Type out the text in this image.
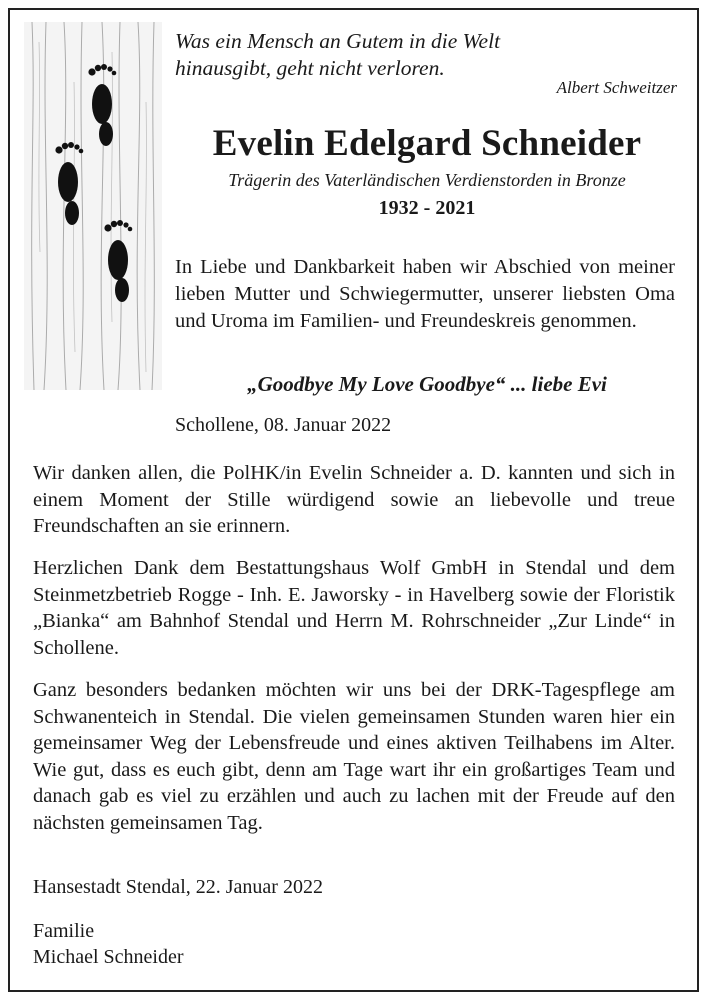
Was ein Mensch an Gutem in die Welt
hinausgibt, geht nicht verloren.
Albert Schweitzer
Evelin Edelgard Schneider
Trägerin des Vaterländischen Verdienstorden in Bronze
1932 - 2021
In Liebe und Dankbarkeit haben wir Abschied von meiner lieben Mutter und Schwiegermutter, unserer liebsten Oma und Uroma im Familien- und Freundeskreis genommen.
„Goodbye My Love Goodbye“ ... liebe Evi
Schollene, 08. Januar 2022
Wir danken allen, die PolHK/in Evelin Schneider a. D. kannten und sich in einem Moment der Stille würdigend sowie an liebevolle und treue Freundschaften an sie erinnern.
Herzlichen Dank dem Bestattungshaus Wolf GmbH in Stendal und dem Steinmetzbetrieb Rogge - Inh. E. Jaworsky - in Havelberg sowie der Floristik „Bianka“ am Bahnhof Stendal und Herrn M. Rohrschneider „Zur Linde“ in Schollene.
Ganz besonders bedanken möchten wir uns bei der DRK-Tagespflege am Schwanenteich in Stendal. Die vielen gemeinsamen Stunden waren hier ein gemeinsamer Weg der Lebensfreude und eines aktiven Teilhabens im Alter. Wie gut, dass es euch gibt, denn am Tage wart ihr ein großartiges Team und danach gab es viel zu erzählen und auch zu lachen mit der Freude auf den nächsten gemeinsamen Tag.
Hansestadt Stendal, 22. Januar 2022
Familie
Michael Schneider
